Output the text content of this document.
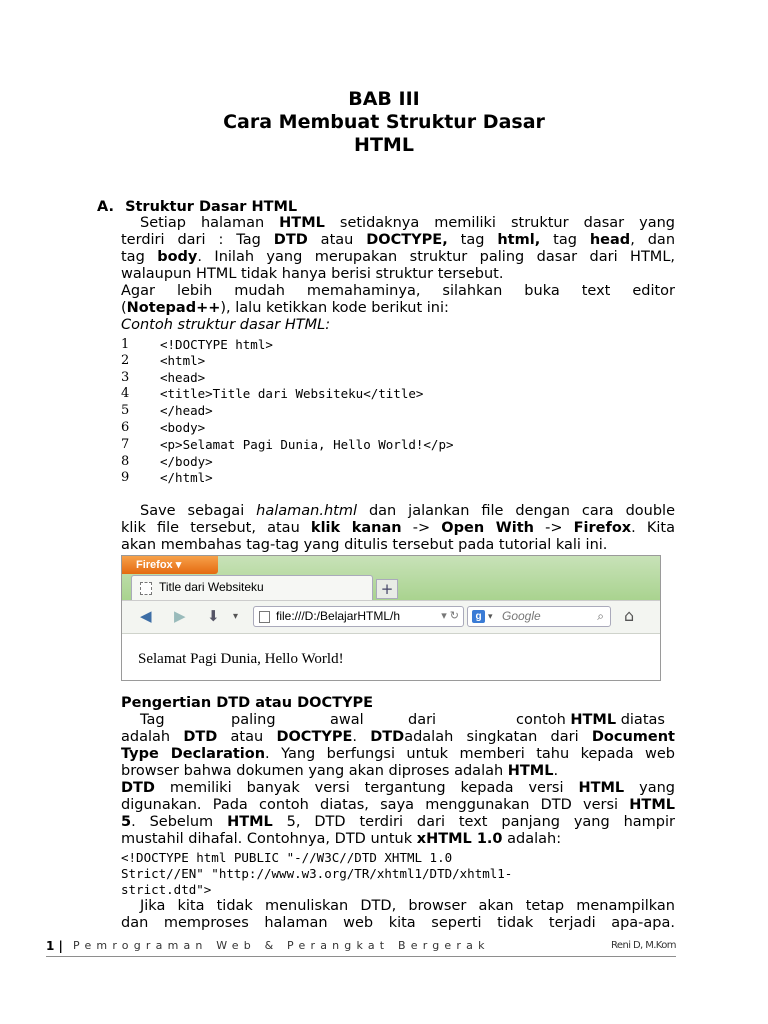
BAB III
Cara Membuat Struktur Dasar
HTML
A. Struktur Dasar HTML
Setiap halaman HTML setidaknya memiliki struktur dasar yang
terdiri dari : Tag DTD atau DOCTYPE, tag html, tag head, dan
tag body. Inilah yang merupakan struktur paling dasar dari HTML,
walaupun HTML tidak hanya berisi struktur tersebut.
Agar lebih mudah memahaminya, silahkan buka text editor
(Notepad++), lalu ketikkan kode berikut ini:
Contoh struktur dasar HTML:
1 <!DOCTYPE html>
2 <html>
3 <head>
4 <title>Title dari Websiteku</title>
5 </head>
6 <body>
7 <p>Selamat Pagi Dunia, Hello World!</p>
8 </body>
9 </html>
Save sebagai halaman.html dan jalankan file dengan cara double
klik file tersebut, atau klik kanan -> Open With -> Firefox. Kita
akan membahas tag-tag yang ditulis tersebut pada tutorial kali ini.
Firefox ▾
Title dari Websiteku	+
◀ ▶ ⬇ ▾	file:///D:/BelajarHTML/h	▾ ↻	g ▾ Google	⌕ ⌂
Selamat Pagi Dunia, Hello World!
Pengertian DTD atau DOCTYPE
Tag	paling	awal	dari	contoh HTML diatas
adalah DTD atau DOCTYPE. DTDadalah singkatan dari Document
Type Declaration. Yang berfungsi untuk memberi tahu kepada web
browser bahwa dokumen yang akan diproses adalah HTML.
DTD memiliki banyak versi tergantung kepada versi HTML yang
digunakan. Pada contoh diatas, saya menggunakan DTD versi HTML
5. Sebelum HTML 5, DTD terdiri dari text panjang yang hampir
mustahil dihafal. Contohnya, DTD untuk xHTML 1.0 adalah:
<!DOCTYPE html PUBLIC "-//W3C//DTD XHTML 1.0
Strict//EN" "http://www.w3.org/TR/xhtml1/DTD/xhtml1-
strict.dtd">
Jika kita tidak menuliskan DTD, browser akan tetap menampilkan
dan memproses halaman web kita seperti tidak terjadi apa-apa.
1 | Pemrograman Web & Perangkat Bergerak	Reni D, M.Kom
